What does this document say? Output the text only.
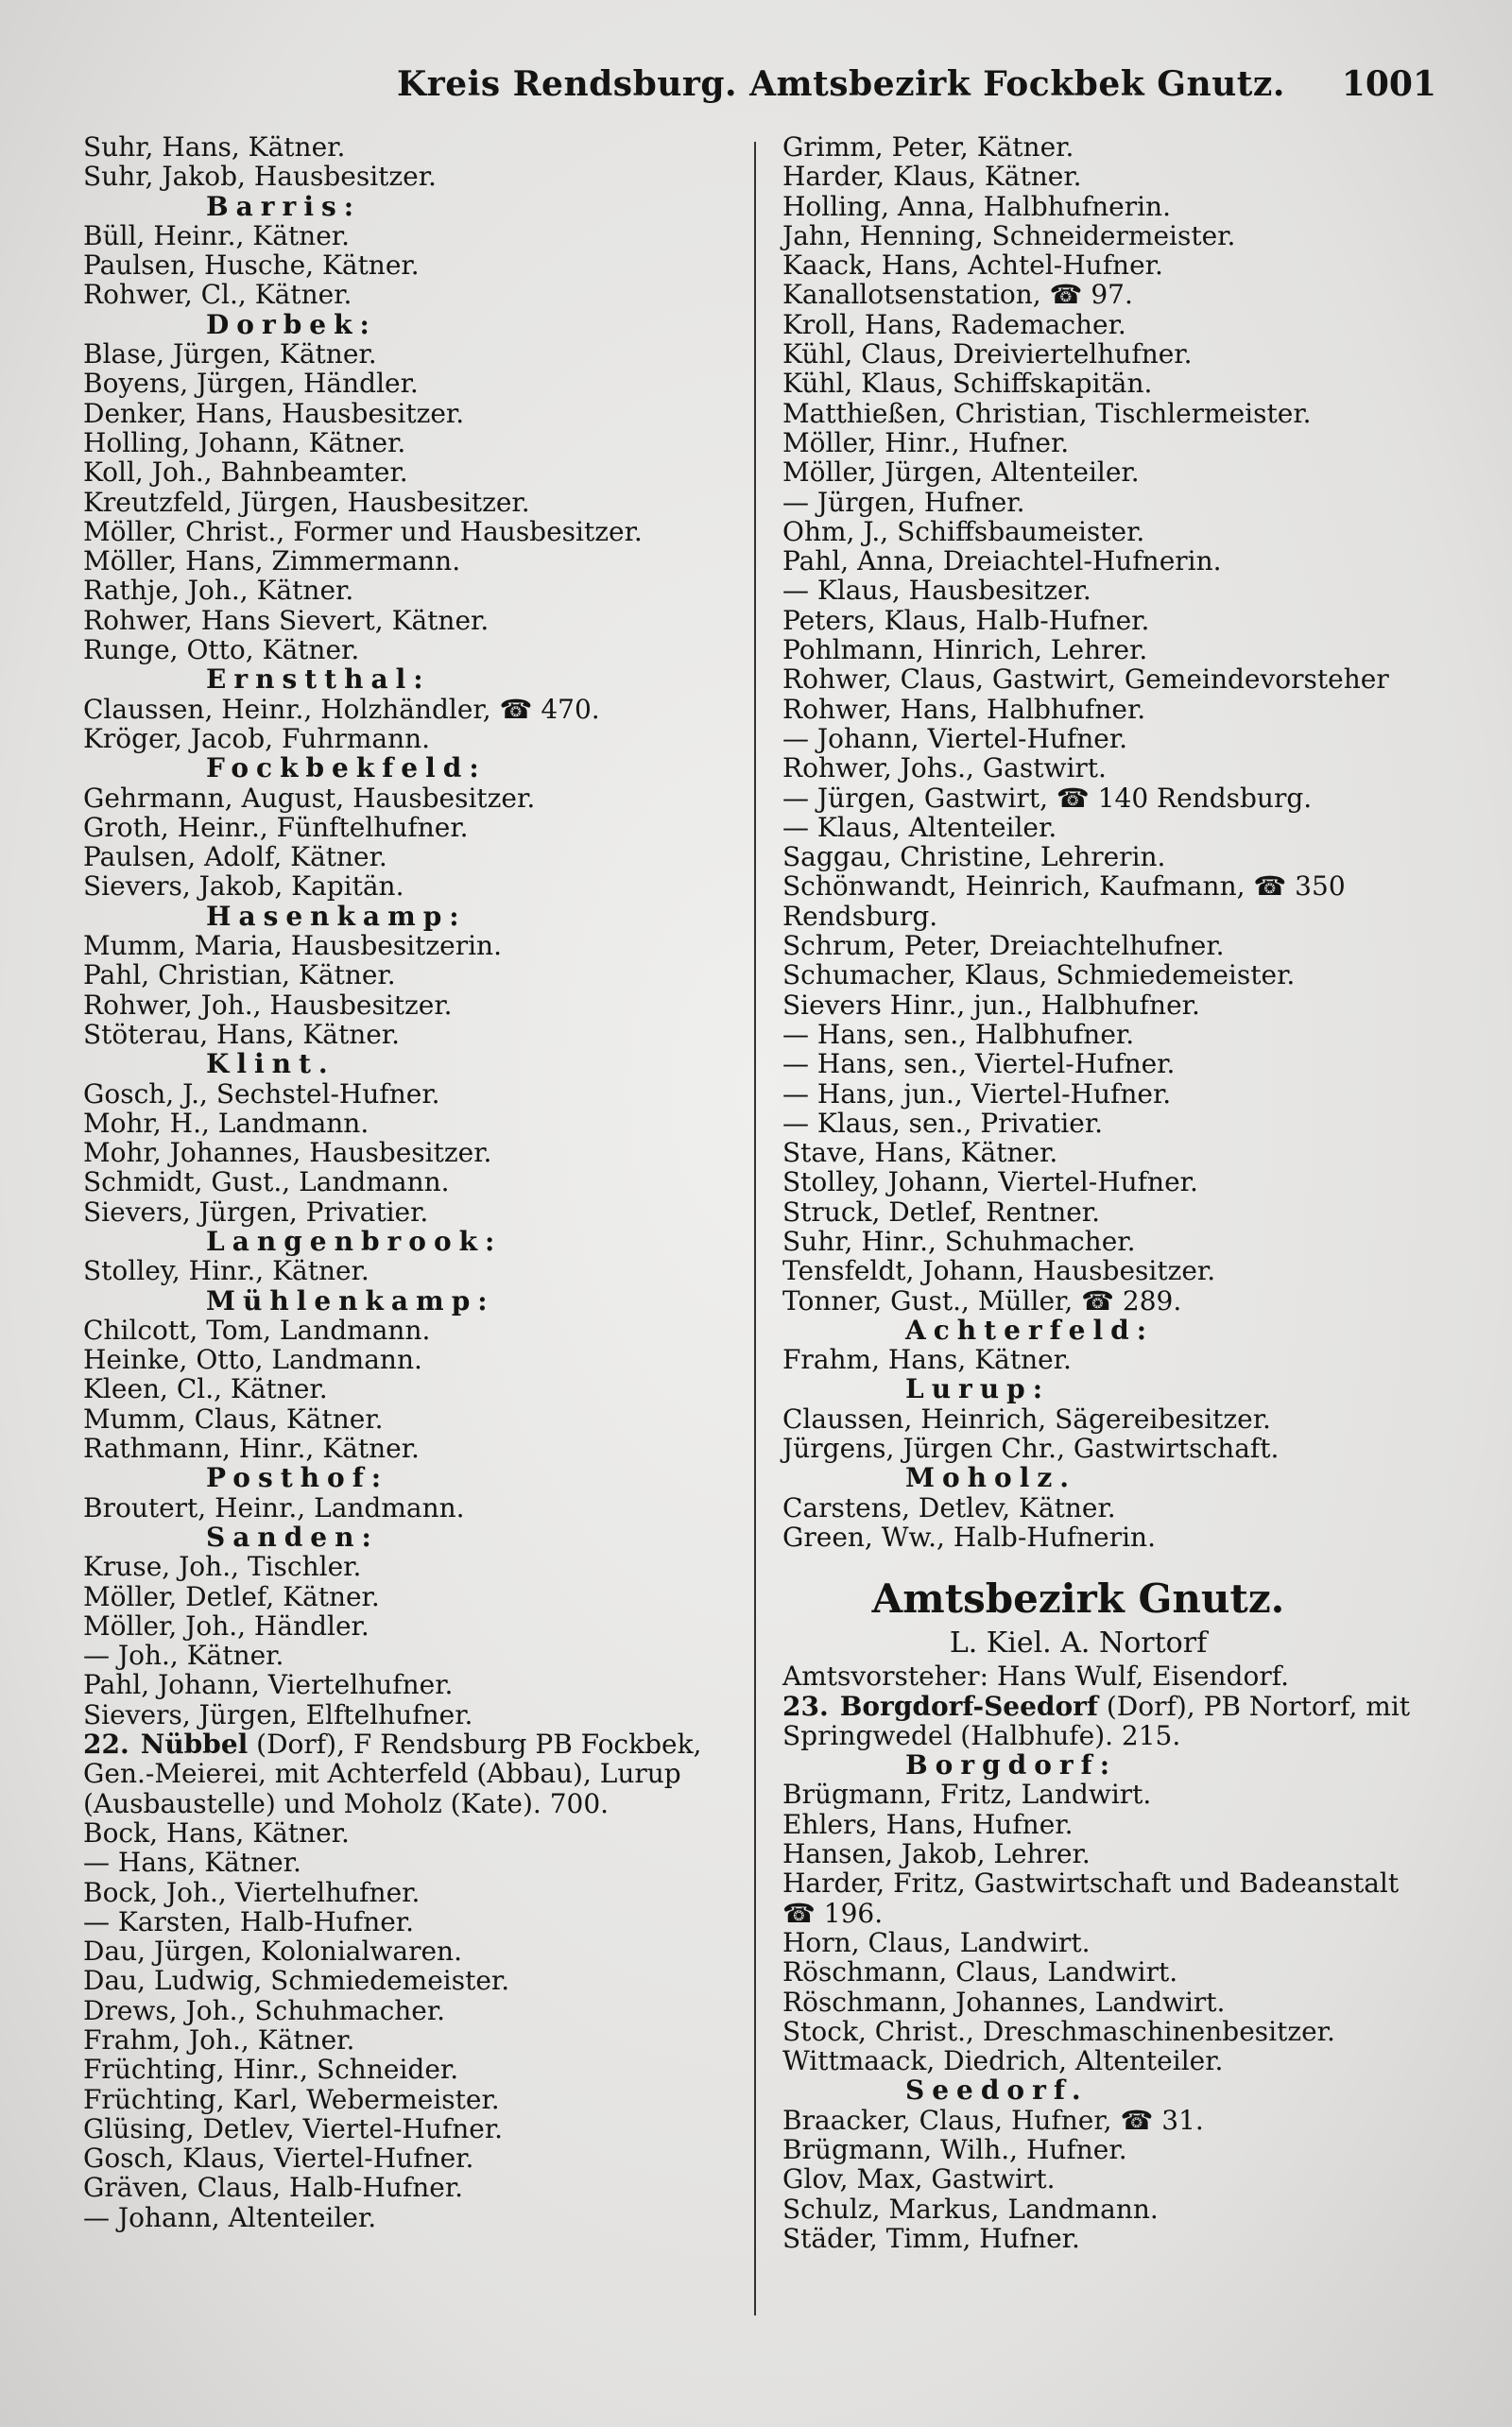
Kreis Rendsburg. Amtsbezirk Fockbek Gnutz. 1001
Suhr, Hans, Kätner.
Suhr, Jakob, Hausbesitzer.
Barris:
Büll, Heinr., Kätner.
Paulsen, Husche, Kätner.
Rohwer, Cl., Kätner.
Dorbek:
Blase, Jürgen, Kätner.
Boyens, Jürgen, Händler.
Denker, Hans, Hausbesitzer.
Holling, Johann, Kätner.
Koll, Joh., Bahnbeamter.
Kreutzfeld, Jürgen, Hausbesitzer.
Möller, Christ., Former und Hausbesitzer.
Möller, Hans, Zimmermann.
Rathje, Joh., Kätner.
Rohwer, Hans Sievert, Kätner.
Runge, Otto, Kätner.
Ernstthal:
Claussen, Heinr., Holzhändler, ☎ 470.
Kröger, Jacob, Fuhrmann.
Fockbekfeld:
Gehrmann, August, Hausbesitzer.
Groth, Heinr., Fünftelhufner.
Paulsen, Adolf, Kätner.
Sievers, Jakob, Kapitän.
Hasenkamp:
Mumm, Maria, Hausbesitzerin.
Pahl, Christian, Kätner.
Rohwer, Joh., Hausbesitzer.
Stöterau, Hans, Kätner.
Klint.
Gosch, J., Sechstel-Hufner.
Mohr, H., Landmann.
Mohr, Johannes, Hausbesitzer.
Schmidt, Gust., Landmann.
Sievers, Jürgen, Privatier.
Langenbrook:
Stolley, Hinr., Kätner.
Mühlenkamp:
Chilcott, Tom, Landmann.
Heinke, Otto, Landmann.
Kleen, Cl., Kätner.
Mumm, Claus, Kätner.
Rathmann, Hinr., Kätner.
Posthof:
Broutert, Heinr., Landmann.
Sanden:
Kruse, Joh., Tischler.
Möller, Detlef, Kätner.
Möller, Joh., Händler.
— Joh., Kätner.
Pahl, Johann, Viertelhufner.
Sievers, Jürgen, Elftelhufner.
22. Nübbel (Dorf), F Rendsburg PB Fockbek, Gen.-Meierei, mit Achterfeld (Abbau), Lurup (Ausbaustelle) und Moholz (Kate). 700.
Bock, Hans, Kätner.
— Hans, Kätner.
Bock, Joh., Viertelhufner.
— Karsten, Halb-Hufner.
Dau, Jürgen, Kolonialwaren.
Dau, Ludwig, Schmiedemeister.
Drews, Joh., Schuhmacher.
Frahm, Joh., Kätner.
Früchting, Hinr., Schneider.
Früchting, Karl, Webermeister.
Glüsing, Detlev, Viertel-Hufner.
Gosch, Klaus, Viertel-Hufner.
Gräven, Claus, Halb-Hufner.
— Johann, Altenteiler.
Grimm, Peter, Kätner.
Harder, Klaus, Kätner.
Holling, Anna, Halbhufnerin.
Jahn, Henning, Schneidermeister.
Kaack, Hans, Achtel-Hufner.
Kanallotsenstation, ☎ 97.
Kroll, Hans, Rademacher.
Kühl, Claus, Dreiviertelhufner.
Kühl, Klaus, Schiffskapitän.
Matthießen, Christian, Tischlermeister.
Möller, Hinr., Hufner.
Möller, Jürgen, Altenteiler.
— Jürgen, Hufner.
Ohm, J., Schiffsbaumeister.
Pahl, Anna, Dreiachtel-Hufnerin.
— Klaus, Hausbesitzer.
Peters, Klaus, Halb-Hufner.
Pohlmann, Hinrich, Lehrer.
Rohwer, Claus, Gastwirt, Gemeindevorsteher
Rohwer, Hans, Halbhufner.
— Johann, Viertel-Hufner.
Rohwer, Johs., Gastwirt.
— Jürgen, Gastwirt, ☎ 140 Rendsburg.
— Klaus, Altenteiler.
Saggau, Christine, Lehrerin.
Schönwandt, Heinrich, Kaufmann, ☎ 350
Rendsburg.
Schrum, Peter, Dreiachtelhufner.
Schumacher, Klaus, Schmiedemeister.
Sievers Hinr., jun., Halbhufner.
— Hans, sen., Halbhufner.
— Hans, sen., Viertel-Hufner.
— Hans, jun., Viertel-Hufner.
— Klaus, sen., Privatier.
Stave, Hans, Kätner.
Stolley, Johann, Viertel-Hufner.
Struck, Detlef, Rentner.
Suhr, Hinr., Schuhmacher.
Tensfeldt, Johann, Hausbesitzer.
Tonner, Gust., Müller, ☎ 289.
Achterfeld:
Frahm, Hans, Kätner.
Lurup:
Claussen, Heinrich, Sägereibesitzer.
Jürgens, Jürgen Chr., Gastwirtschaft.
Moholz.
Carstens, Detlev, Kätner.
Green, Ww., Halb-Hufnerin.
Amtsbezirk Gnutz.
L. Kiel. A. Nortorf
Amtsvorsteher: Hans Wulf, Eisendorf.
23. Borgdorf-Seedorf (Dorf), PB Nortorf, mit Springwedel (Halbhufe). 215.
Borgdorf:
Brügmann, Fritz, Landwirt.
Ehlers, Hans, Hufner.
Hansen, Jakob, Lehrer.
Harder, Fritz, Gastwirtschaft und Badeanstalt
☎ 196.
Horn, Claus, Landwirt.
Röschmann, Claus, Landwirt.
Röschmann, Johannes, Landwirt.
Stock, Christ., Dreschmaschinenbesitzer.
Wittmaack, Diedrich, Altenteiler.
Seedorf.
Braacker, Claus, Hufner, ☎ 31.
Brügmann, Wilh., Hufner.
Glov, Max, Gastwirt.
Schulz, Markus, Landmann.
Städer, Timm, Hufner.
